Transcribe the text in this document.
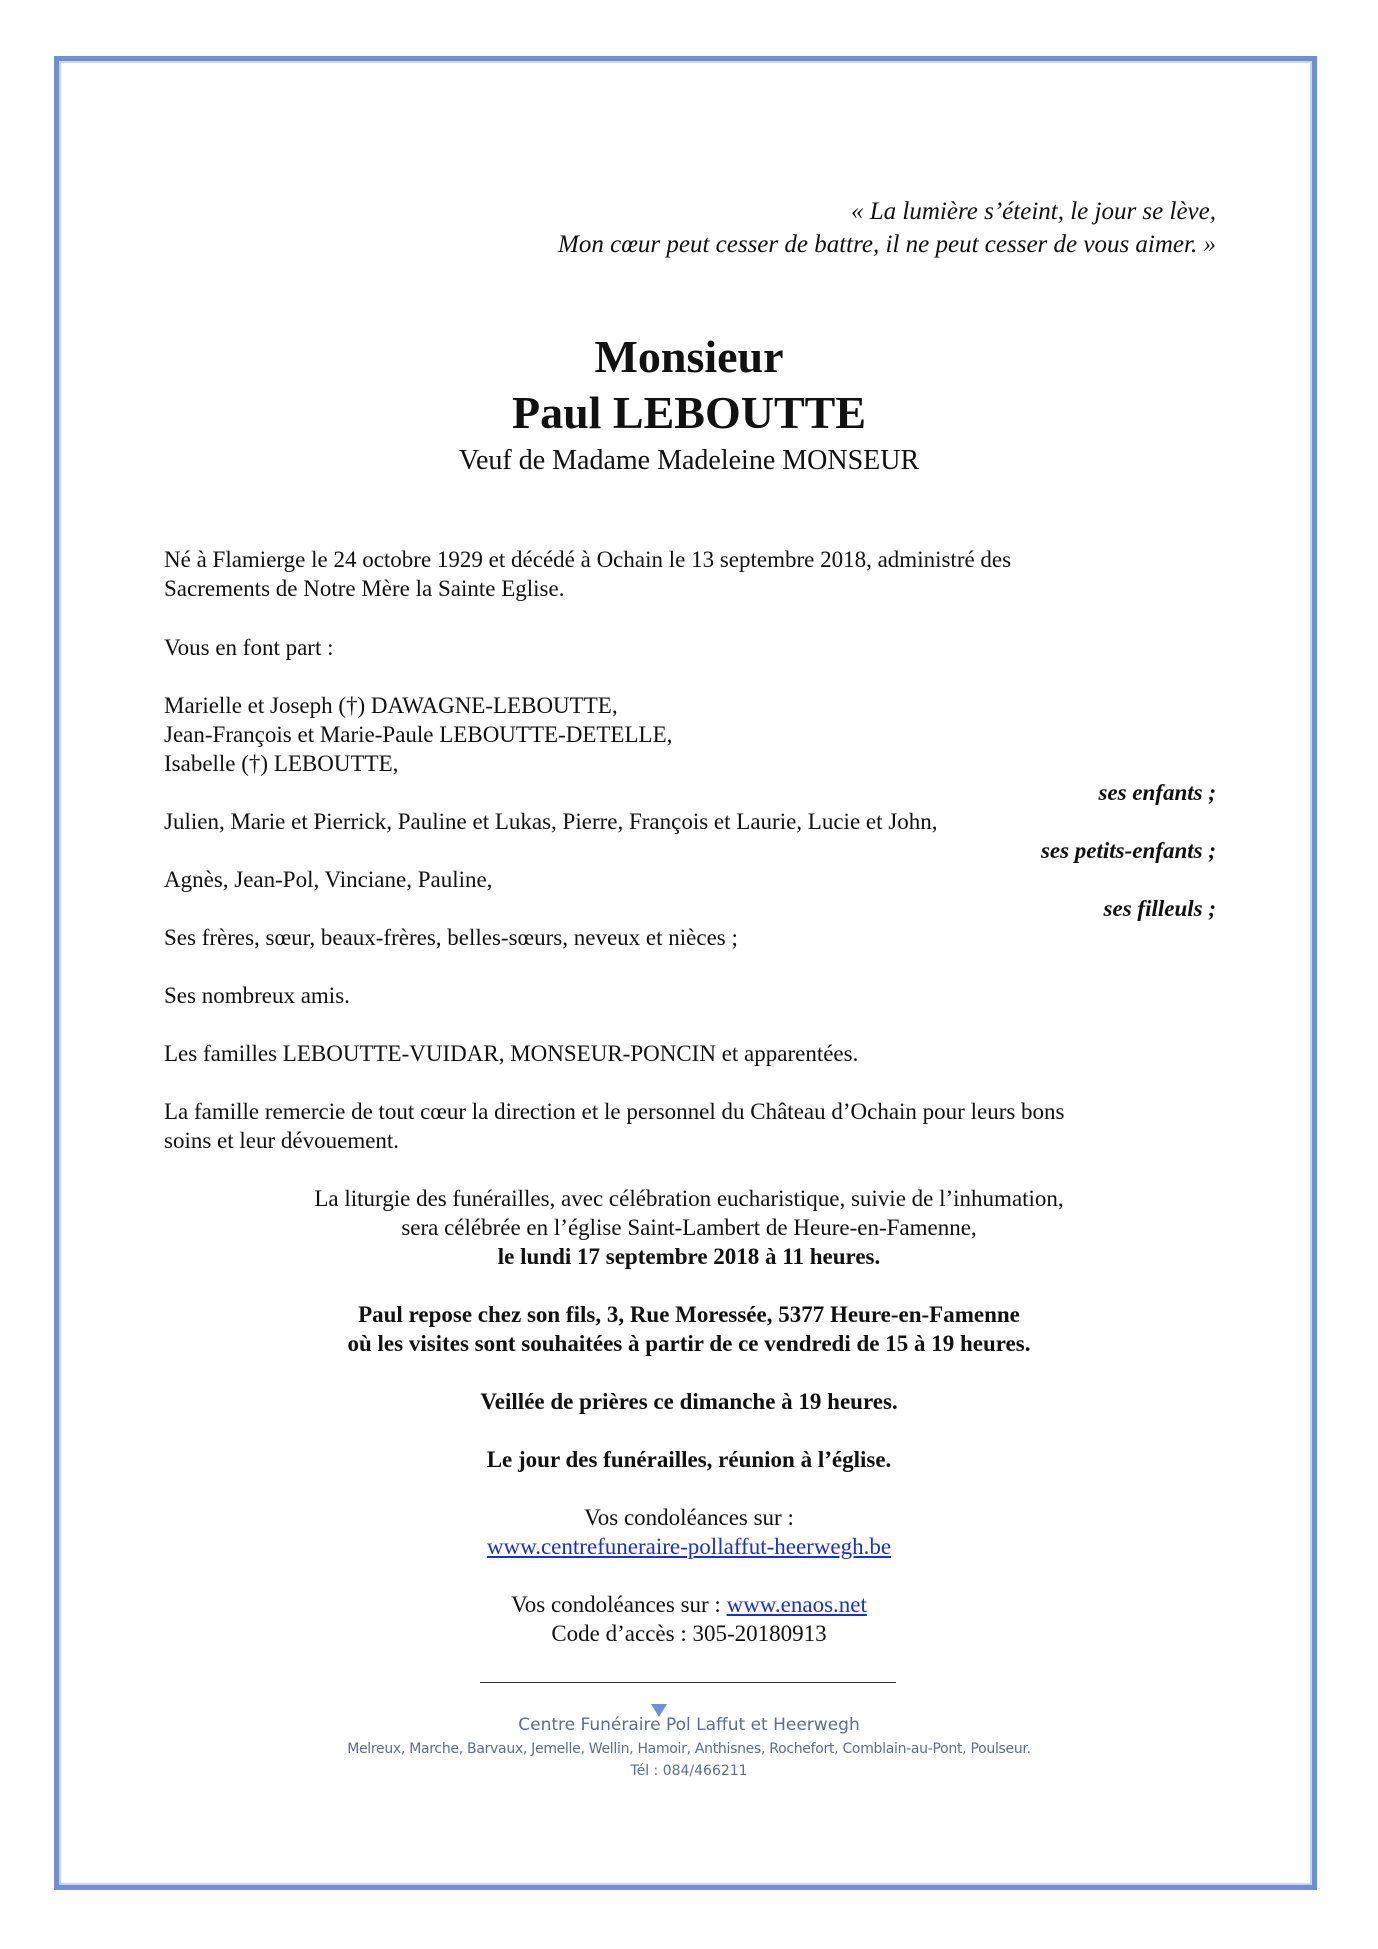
« La lumière s’éteint, le jour se lève,
Mon cœur peut cesser de battre, il ne peut cesser de vous aimer. »
Monsieur
Paul LEBOUTTE
Veuf de Madame Madeleine MONSEUR
Né à Flamierge le 24 octobre 1929 et décédé à Ochain le 13 septembre 2018, administré des
Sacrements de Notre Mère la Sainte Eglise.
Vous en font part :
Marielle et Joseph (†) DAWAGNE-LEBOUTTE,
Jean-François et Marie-Paule LEBOUTTE-DETELLE,
Isabelle (†) LEBOUTTE,
ses enfants ;
Julien, Marie et Pierrick, Pauline et Lukas, Pierre, François et Laurie, Lucie et John,
ses petits-enfants ;
Agnès, Jean-Pol, Vinciane, Pauline,
ses filleuls ;
Ses frères, sœur, beaux-frères, belles-sœurs, neveux et nièces ;
Ses nombreux amis.
Les familles LEBOUTTE-VUIDAR, MONSEUR-PONCIN et apparentées.
La famille remercie de tout cœur la direction et le personnel du Château d’Ochain pour leurs bons
soins et leur dévouement.
La liturgie des funérailles, avec célébration eucharistique, suivie de l’inhumation,
sera célébrée en l’église Saint-Lambert de Heure-en-Famenne,
le lundi 17 septembre 2018 à 11 heures.
Paul repose chez son fils, 3, Rue Moressée, 5377 Heure-en-Famenne
où les visites sont souhaitées à partir de ce vendredi de 15 à 19 heures.
Veillée de prières ce dimanche à 19 heures.
Le jour des funérailles, réunion à l’église.
Vos condoléances sur :
www.centrefuneraire-pollaffut-heerwegh.be
Vos condoléances sur : www.enaos.net
Code d’accès : 305-20180913
Centre Funéraire Pol Laffut et Heerwegh
Melreux, Marche, Barvaux, Jemelle, Wellin, Hamoir, Anthisnes, Rochefort, Comblain-au-Pont, Poulseur.
Tél : 084/466211
